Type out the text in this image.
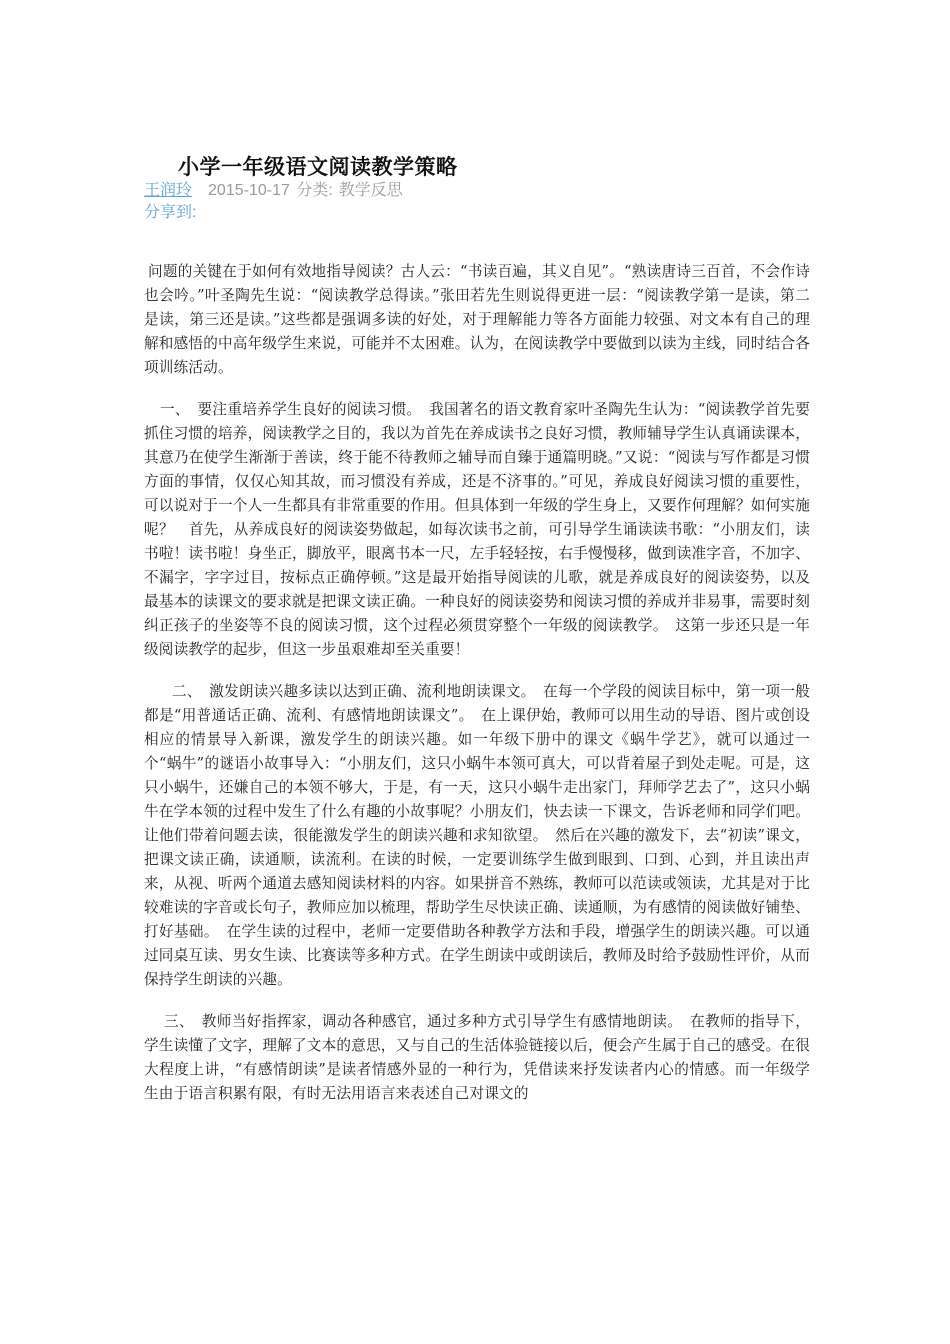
小学一年级语文阅读教学策略
王润玲 2015-10-17 分类: 教学反思
分享到:

问题的关键在于如何有效地指导阅读？古人云：“书读百遍，其义自见”。“熟读唐诗三百首，不会作诗也会吟。”叶圣陶先生说：“阅读教学总得读。”张田若先生则说得更进一层：“阅读教学第一是读，第二是读，第三还是读。”这些都是强调多读的好处，对于理解能力等各方面能力较强、对文本有自己的理解和感悟的中高年级学生来说，可能并不太困难。认为，在阅读教学中要做到以读为主线，同时结合各项训练活动。

一、　要注重培养学生良好的阅读习惯。　我国著名的语文教育家叶圣陶先生认为：“阅读教学首先要抓住习惯的培养，阅读教学之目的，我以为首先在养成读书之良好习惯，教师辅导学生认真诵读课本，其意乃在使学生渐渐于善读，终于能不待教师之辅导而自臻于通篇明晓。”又说：“阅读与写作都是习惯方面的事情，仅仅心知其故，而习惯没有养成，还是不济事的。”可见，养成良好阅读习惯的重要性，可以说对于一个人一生都具有非常重要的作用。但具体到一年级的学生身上，又要作何理解？如何实施呢？　首先，从养成良好的阅读姿势做起，如每次读书之前，可引导学生诵读读书歌：“小朋友们，读书啦！读书啦！身坐正，脚放平，眼离书本一尺，左手轻轻按，右手慢慢移，做到读准字音，不加字、不漏字，字字过目，按标点正确停顿。”这是最开始指导阅读的儿歌，就是养成良好的阅读姿势，以及最基本的读课文的要求就是把课文读正确。一种良好的阅读姿势和阅读习惯的养成并非易事，需要时刻纠正孩子的坐姿等不良的阅读习惯，这个过程必须贯穿整个一年级的阅读教学。　这第一步还只是一年级阅读教学的起步，但这一步虽艰难却至关重要！

二、　激发朗读兴趣多读以达到正确、流利地朗读课文。　在每一个学段的阅读目标中，第一项一般都是“用普通话正确、流利、有感情地朗读课文”。　在上课伊始，教师可以用生动的导语、图片或创设相应的情景导入新课，激发学生的朗读兴趣。如一年级下册中的课文《蜗牛学艺》，就可以通过一个“蜗牛”的谜语小故事导入：“小朋友们，这只小蜗牛本领可真大，可以背着屋子到处走呢。可是，这只小蜗牛，还嫌自己的本领不够大，于是，有一天，这只小蜗牛走出家门，拜师学艺去了”，这只小蜗牛在学本领的过程中发生了什么有趣的小故事呢？小朋友们，快去读一下课文，告诉老师和同学们吧。让他们带着问题去读，很能激发学生的朗读兴趣和求知欲望。　然后在兴趣的激发下，去“初读”课文，把课文读正确，读通顺，读流利。在读的时候，一定要训练学生做到眼到、口到、心到，并且读出声来，从视、听两个通道去感知阅读材料的内容。如果拼音不熟练，教师可以范读或领读，尤其是对于比较难读的字音或长句子，教师应加以梳理，帮助学生尽快读正确、读通顺，为有感情的阅读做好铺垫、打好基础。　在学生读的过程中，老师一定要借助各种教学方法和手段，增强学生的朗读兴趣。可以通过同桌互读、男女生读、比赛读等多种方式。在学生朗读中或朗读后，教师及时给予鼓励性评价，从而保持学生朗读的兴趣。

三、　教师当好指挥家，调动各种感官，通过多种方式引导学生有感情地朗读。　在教师的指导下，学生读懂了文字，理解了文本的意思，又与自己的生活体验链接以后，便会产生属于自己的感受。在很大程度上讲，“有感情朗读”是读者情感外显的一种行为，凭借读来抒发读者内心的情感。而一年级学生由于语言积累有限，有时无法用语言来表述自己对课文的
